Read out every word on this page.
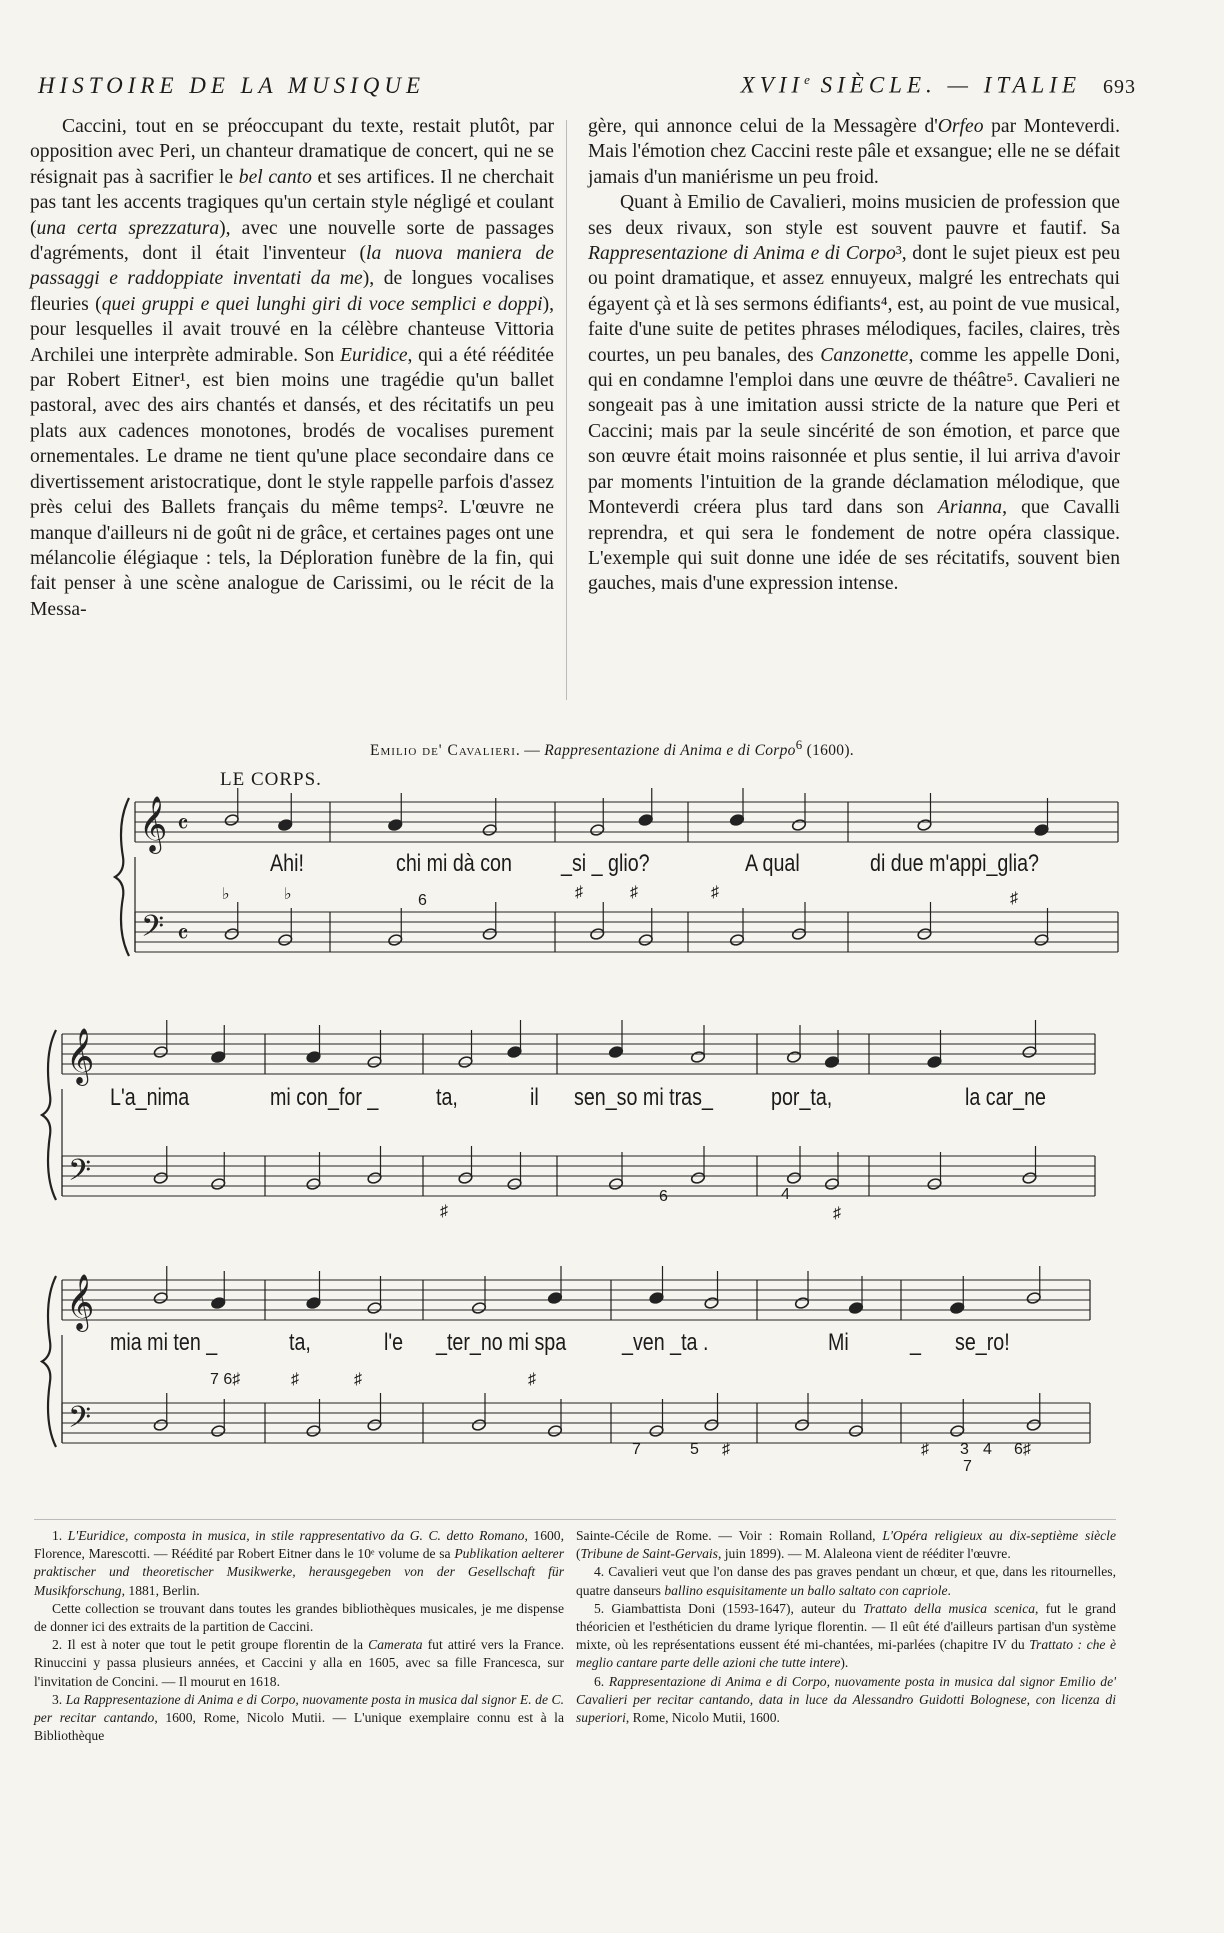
HISTOIRE DE LA MUSIQUE	XVIIe SIÈCLE. — ITALIE 693

Caccini, tout en se préoccupant du texte, restait plutôt, par opposition avec Peri, un chanteur dramatique de concert, qui ne se résignait pas à sacrifier le bel canto et ses artifices. Il ne cherchait pas tant les accents tragiques qu'un certain style négligé et coulant (una certa sprezzatura), avec une nouvelle sorte de passages d'agréments, dont il était l'inventeur (la nuova maniera de passaggi e raddoppiate inventati da me), de longues vocalises fleuries (quei gruppi e quei lunghi giri di voce semplici e doppi), pour lesquelles il avait trouvé en la célèbre chanteuse Vittoria Archilei une interprète admirable. Son Euridice, qui a été rééditée par Robert Eitner¹, est bien moins une tragédie qu'un ballet pastoral, avec des airs chantés et dansés, et des récitatifs un peu plats aux cadences monotones, brodés de vocalises purement ornementales. Le drame ne tient qu'une place secondaire dans ce divertissement aristocratique, dont le style rappelle parfois d'assez près celui des Ballets français du même temps². L'œuvre ne manque d'ailleurs ni de goût ni de grâce, et certaines pages ont une mélancolie élégiaque : tels, la Déploration funèbre de la fin, qui fait penser à une scène analogue de Carissimi, ou le récit de la Messa-

gère, qui annonce celui de la Messagère d'Orfeo par Monteverdi. Mais l'émotion chez Caccini reste pâle et exsangue; elle ne se défait jamais d'un maniérisme un peu froid.

Quant à Emilio de Cavalieri, moins musicien de profession que ses deux rivaux, son style est souvent pauvre et fautif. Sa Rappresentazione di Anima e di Corpo³, dont le sujet pieux est peu ou point dramatique, et assez ennuyeux, malgré les entrechats qui égayent çà et là ses sermons édifiants⁴, est, au point de vue musical, faite d'une suite de petites phrases mélodiques, faciles, claires, très courtes, un peu banales, des Canzonette, comme les appelle Doni, qui en condamne l'emploi dans une œuvre de théâtre⁵. Cavalieri ne songeait pas à une imitation aussi stricte de la nature que Peri et Caccini; mais par la seule sincérité de son émotion, et parce que son œuvre était moins raisonnée et plus sentie, il lui arriva d'avoir par moments l'intuition de la grande déclamation mélodique, que Monteverdi créera plus tard dans son Arianna, que Cavalli reprendra, et qui sera le fondement de notre opéra classique. L'exemple qui suit donne une idée de ses récitatifs, souvent bien gauches, mais d'une expression intense.

Emilio de' Cavalieri. — Rappresentazione di Anima e di Corpo$^6$ (1600).
LE CORPS.
𝄞
𝄢
𝄴
𝄴
𝄞
𝄢
𝄞
𝄢
Ahi!	chi mi dà con _si _ glio?	A qual	di due m'appi_glia?
L'a_nima	mi con_for _ ta,	il sen_so mi tras_ por_ta,	la car_ne
mia mi ten _	ta,	l'e _ter_no mi spa _ven _ta .	Mi	_ se_ro!
♭	♭	6	♯	♯	♯	♯
♯
6	4
♯
7 6♯	♯	♯	♯
7	5 ♯	♯ 3 4 6♯
7

1. L'Euridice, composta in musica, in stile rappresentativo da G. C. detto Romano, 1600, Florence, Marescotti. — Réédité par Robert Eitner dans le 10ᵉ volume de sa Publikation aelterer praktischer und theoretischer Musikwerke, herausgegeben von der Gesellschaft für Musikforschung, 1881, Berlin.

Cette collection se trouvant dans toutes les grandes bibliothèques musicales, je me dispense de donner ici des extraits de la partition de Caccini.

2. Il est à noter que tout le petit groupe florentin de la Camerata fut attiré vers la France. Rinuccini y passa plusieurs années, et Caccini y alla en 1605, avec sa fille Francesca, sur l'invitation de Concini. — Il mourut en 1618.

3. La Rappresentazione di Anima e di Corpo, nuovamente posta in musica dal signor E. de C. per recitar cantando, 1600, Rome, Nicolo Mutii. — L'unique exemplaire connu est à la Bibliothèque

Sainte-Cécile de Rome. — Voir : Romain Rolland, L'Opéra religieux au dix-septième siècle (Tribune de Saint-Gervais, juin 1899). — M. Alaleona vient de rééditer l'œuvre.

4. Cavalieri veut que l'on danse des pas graves pendant un chœur, et que, dans les ritournelles, quatre danseurs ballino esquisitamente un ballo saltato con capriole.

5. Giambattista Doni (1593-1647), auteur du Trattato della musica scenica, fut le grand théoricien et l'esthéticien du drame lyrique florentin. — Il eût été d'ailleurs partisan d'un système mixte, où les représentations eussent été mi-chantées, mi-parlées (chapitre IV du Trattato : che è meglio cantare parte delle azioni che tutte intere).

6. Rappresentazione di Anima e di Corpo, nuovamente posta in musica dal signor Emilio de' Cavalieri per recitar cantando, data in luce da Alessandro Guidotti Bolognese, con licenza di superiori, Rome, Nicolo Mutii, 1600.
